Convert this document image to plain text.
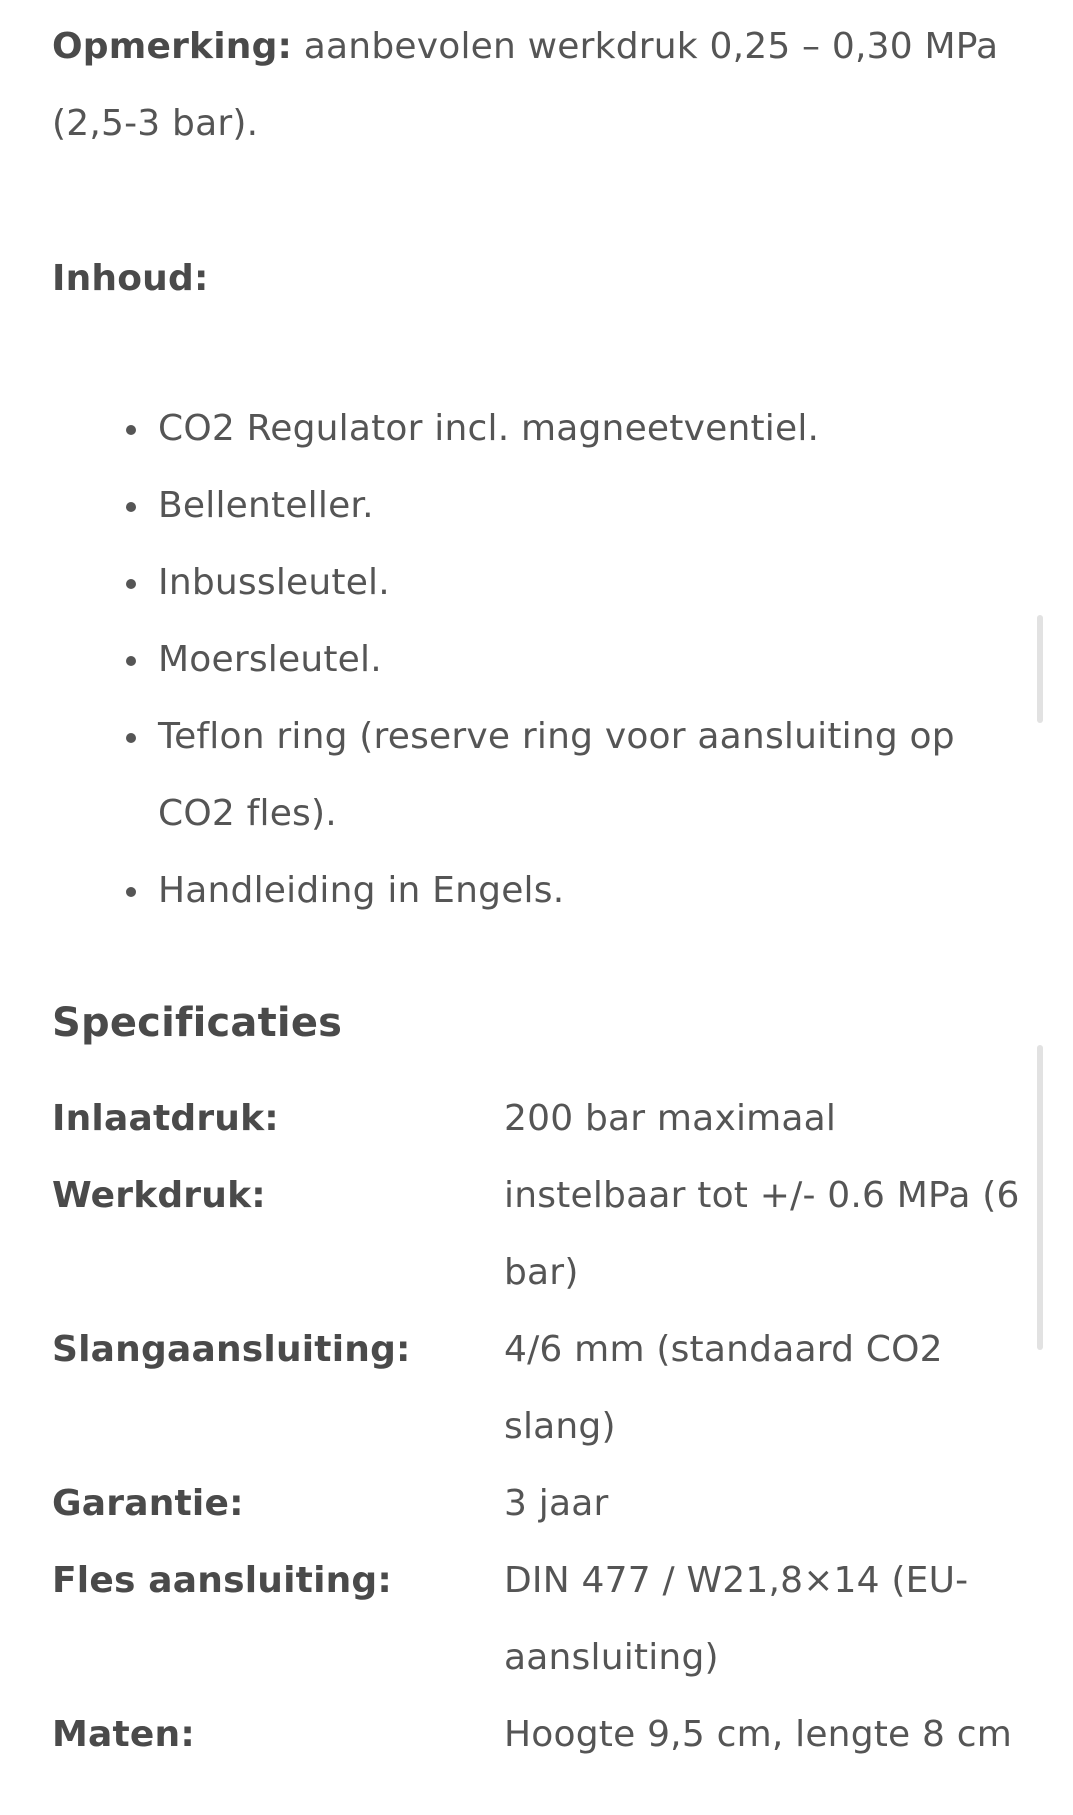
Opmerking: aanbevolen werkdruk 0,25 – 0,30 MPa (2,5-3 bar).

Inhoud:

CO2 Regulator incl. magneetventiel.
Bellenteller.
Inbussleutel.
Moersleutel.
Teflon ring (reserve ring voor aansluiting op CO2 fles).
Handleiding in Engels.
Specificaties
Inlaatdruk:	200 bar maximaal
Werkdruk:	instelbaar tot +/- 0.6 MPa (6 bar)
Slangaansluiting:	4/6 mm (standaard CO2 slang)
Garantie:	3 jaar
Fles aansluiting:	DIN 477 / W21,8×14 (EU-aansluiting)
Maten:	Hoogte 9,5 cm, lengte 8 cm
